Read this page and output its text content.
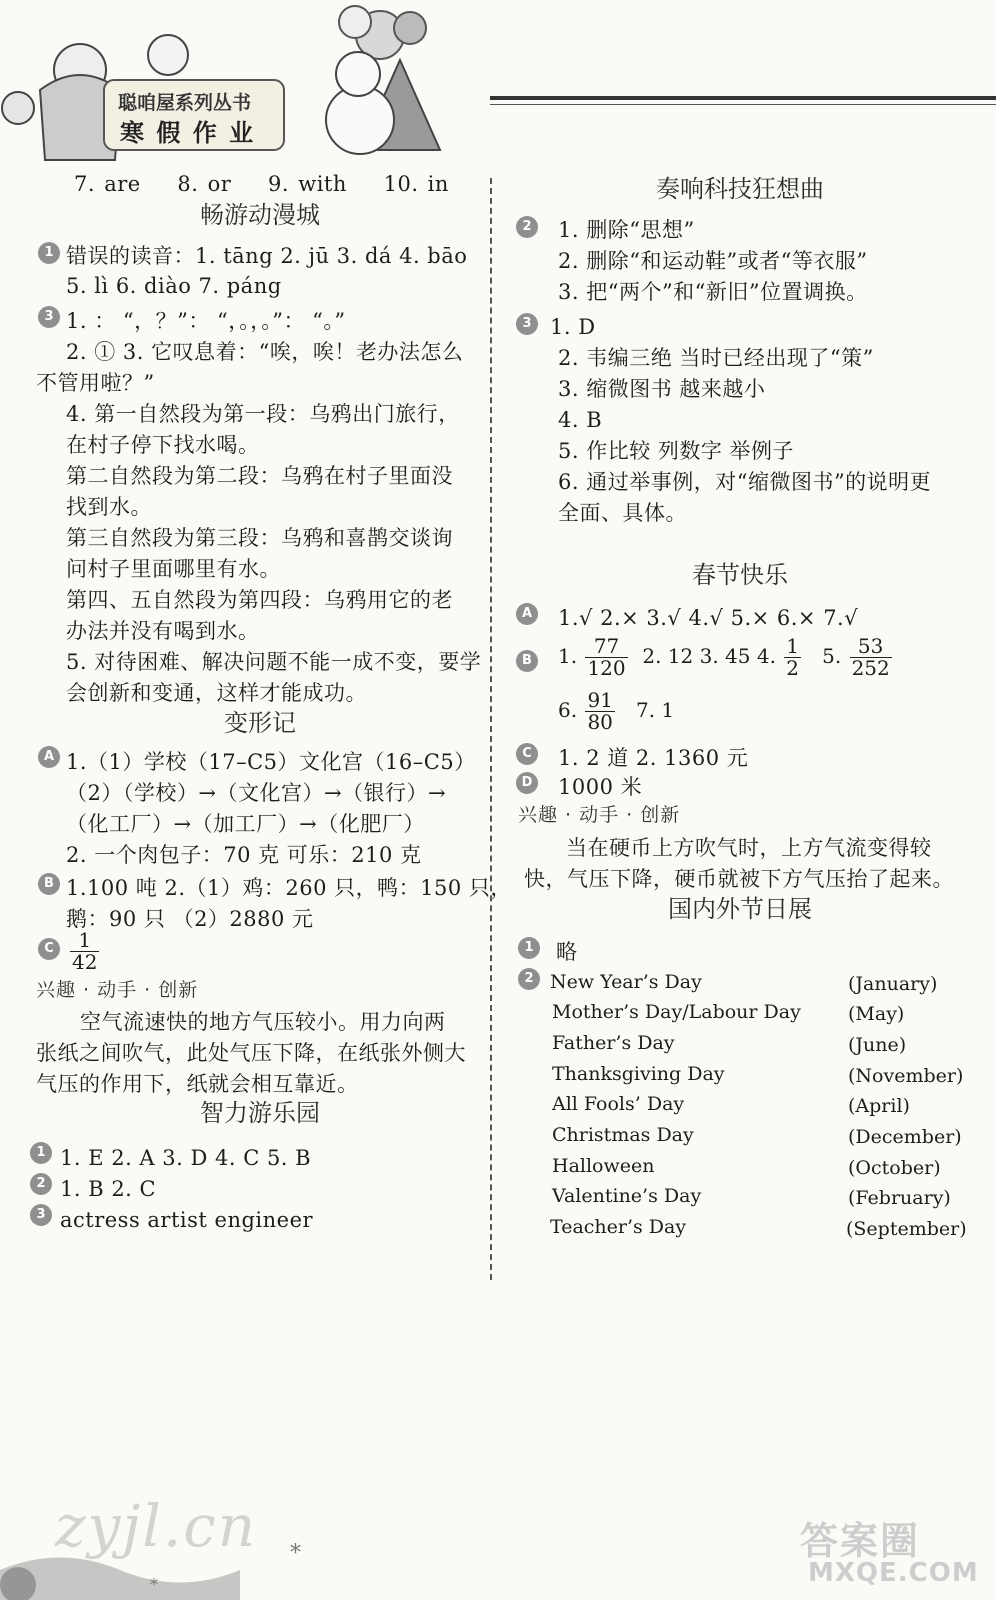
聪咱屋系列丛书
寒 假 作 业
7. are 8. or 9. with 10. in
畅游动漫城
1 错误的读音：1. tāng 2. jū 3. dá 4. bāo
5. lì 6. diào 7. páng
3 1. ： “，？”： “，。，。”： “。”
2. ① 3. 它叹息着：“唉，唉！老办法怎么
不管用啦？”
4. 第一自然段为第一段：乌鸦出门旅行，
在村子停下找水喝。
第二自然段为第二段：乌鸦在村子里面没
找到水。
第三自然段为第三段：乌鸦和喜鹊交谈询
问村子里面哪里有水。
第四、五自然段为第四段：乌鸦用它的老
办法并没有喝到水。
5. 对待困难、解决问题不能一成不变，要学
会创新和变通，这样才能成功。
变形记
A 1.（1）学校（17–C5）文化宫（16–C5）
（2）（学校）→（文化宫）→（银行）→
（化工厂）→（加工厂）→（化肥厂）
2. 一个肉包子：70 克 可乐：210 克
B 1.100 吨 2.（1）鸡：260 只，鸭：150 只，
鹅：90 只 （2）2880 元
C $\frac{1}{42}$
兴趣 · 动手 · 创新
空气流速快的地方气压较小。用力向两
张纸之间吹气，此处气压下降，在纸张外侧大
气压的作用下，纸就会相互靠近。
智力游乐园
1 1. E 2. A 3. D 4. C 5. B
2 1. B 2. C
3 actress artist engineer
奏响科技狂想曲
2	1. 删除“思想”
2. 删除“和运动鞋”或者“等衣服”
3. 把“两个”和“新旧”位置调换。
3 1. D
2. 韦编三绝 当时已经出现了“策”
3. 缩微图书 越来越小
4. B
5. 作比较 列数字 举例子
6. 通过举事例，对“缩微图书”的说明更
全面、具体。
春节快乐
A 1.√ 2.× 3.√ 4.√ 5.× 6.× 7.√
B	1. $\frac{77}{120} 2$. 12 3. 45 4. $\frac{1}{2} 5$. $\frac{53}{252}$
6. $\frac{91}{80} 7$. 1
C 1. 2 道 2. 1360 元
D 1000 米
兴趣 · 动手 · 创新
当在硬币上方吹气时，上方气流变得较
快，气压下降，硬币就被下方气压抬了起来。
国内外节日展
1	略
2 New Year’s Day	(January)
Mother’s Day/Labour Day (May)
Father’s Day	(June)
Thanksgiving Day	(November)
All Fools’ Day	(April)
Christmas Day	(December)
Halloween	(October)
Valentine’s Day	(February)
Teacher’s Day	(September)
*
*
zyjl.cn	答案圈
MXQE.COM
